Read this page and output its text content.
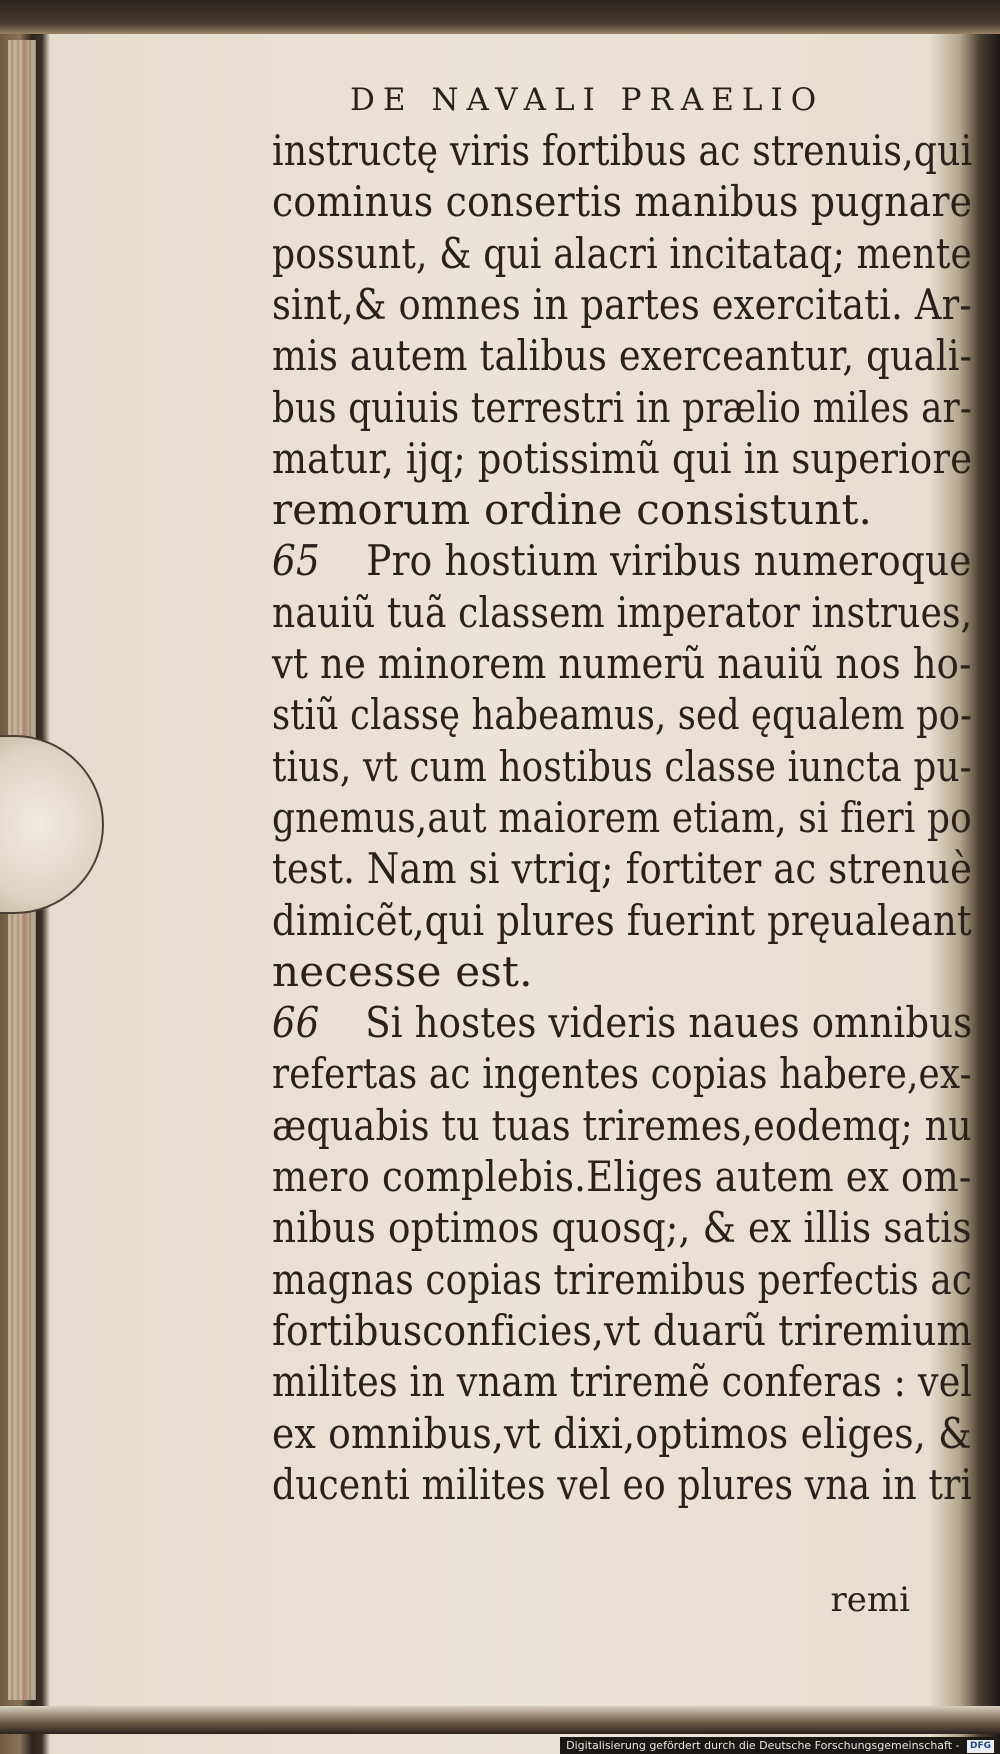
DE NAVALI PRAELIO

instructę viris fortibus ac strenuis,qui

cominus consertis manibus pugnare

possunt, & qui alacri incitataq; mente

sint,& omnes in partes exercitati. Ar-

mis autem talibus exerceantur, quali-

bus quiuis terrestri in prælio miles ar-

matur, ijq; potissimũ qui in superiore

remorum ordine consistunt.

65 Pro hostium viribus numeroque

nauiũ tuã classem imperator instrues,

vt ne minorem numerũ nauiũ nos ho-

stiũ classę habeamus, sed ęqualem po-

tius, vt cum hostibus classe iuncta pu-

gnemus,aut maiorem etiam, si fieri po

test. Nam si vtriq; fortiter ac strenuè

dimicẽt,qui plures fuerint pręualeant

necesse est.

66 Si hostes videris naues omnibus

refertas ac ingentes copias habere,ex-

æquabis tu tuas triremes,eodemq; nu

mero complebis.Eliges autem ex om-

nibus optimos quosq;, & ex illis satis

magnas copias triremibus perfectis ac

fortibusconficies,vt duarũ triremium

milites in vnam triremẽ conferas : vel

ex omnibus,vt dixi,optimos eliges, &

ducenti milites vel eo plures vna in tri

remi

Digitalisierung gefördert durch die Deutsche Forschungsgemeinschaft - DFG
